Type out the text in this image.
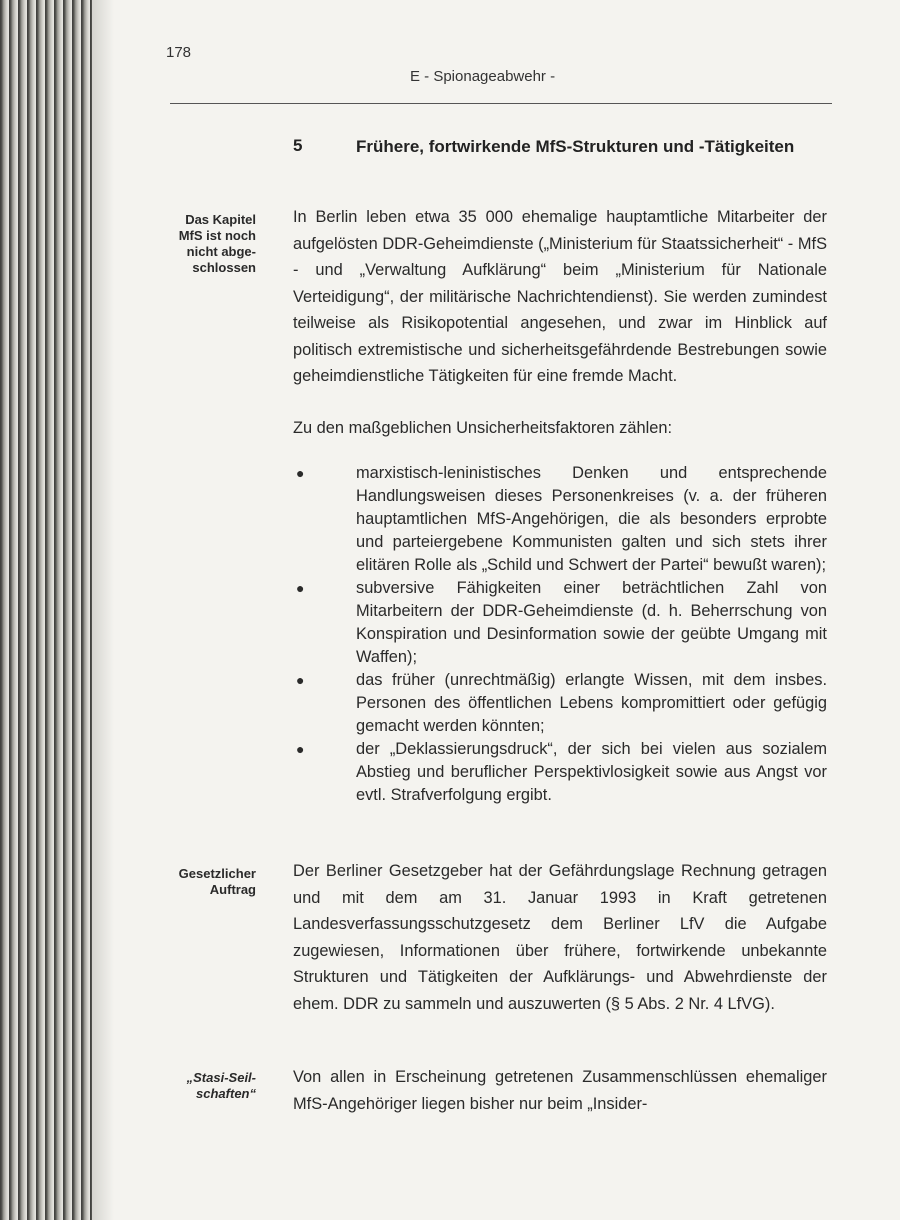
178
E - Spionageabwehr -
5	Frühere, fortwirkende MfS-Strukturen und -Tätigkeiten
Das Kapitel
MfS ist noch
nicht abge-
schlossen

In Berlin leben etwa 35 000 ehemalige hauptamtliche Mitarbeiter der aufgelösten DDR-Geheimdienste („Ministerium für Staatssicherheit“ - MfS - und „Verwaltung Aufklärung“ beim „Ministerium für Nationale Verteidigung“, der militärische Nachrichtendienst). Sie werden zumindest teilweise als Risikopotential angesehen, und zwar im Hinblick auf politisch extremistische und sicherheitsgefährdende Bestrebungen sowie geheimdienstliche Tätigkeiten für eine fremde Macht.

Zu den maßgeblichen Unsicherheitsfaktoren zählen:

●	marxistisch-leninistisches Denken und entsprechende Handlungsweisen dieses Personenkreises (v. a. der früheren hauptamtlichen MfS-Angehörigen, die als besonders erprobte und parteiergebene Kommunisten galten und sich stets ihrer elitären Rolle als „Schild und Schwert der Partei“ bewußt waren);
●	subversive Fähigkeiten einer beträchtlichen Zahl von Mitarbeitern der DDR-Geheimdienste (d. h. Beherrschung von Konspiration und Desinformation sowie der geübte Umgang mit Waffen);
●	das früher (unrechtmäßig) erlangte Wissen, mit dem insbes. Personen des öffentlichen Lebens kompromittiert oder gefügig gemacht werden könnten;
●	der „Deklassierungsdruck“, der sich bei vielen aus sozialem Abstieg und beruflicher Perspektivlosigkeit sowie aus Angst vor evtl. Strafverfolgung ergibt.
Gesetzlicher
Auftrag

Der Berliner Gesetzgeber hat der Gefährdungslage Rechnung getragen und mit dem am 31. Januar 1993 in Kraft getretenen Landesverfassungsschutzgesetz dem Berliner LfV die Aufgabe zugewiesen, Informationen über frühere, fortwirkende unbekannte Strukturen und Tätigkeiten der Aufklärungs- und Abwehrdienste der ehem. DDR zu sammeln und auszuwerten (§ 5 Abs. 2 Nr. 4 LfVG).

„Stasi-Seil-
schaften“

Von allen in Erscheinung getretenen Zusammenschlüssen ehemaliger MfS-Angehöriger liegen bisher nur beim „Insider-
